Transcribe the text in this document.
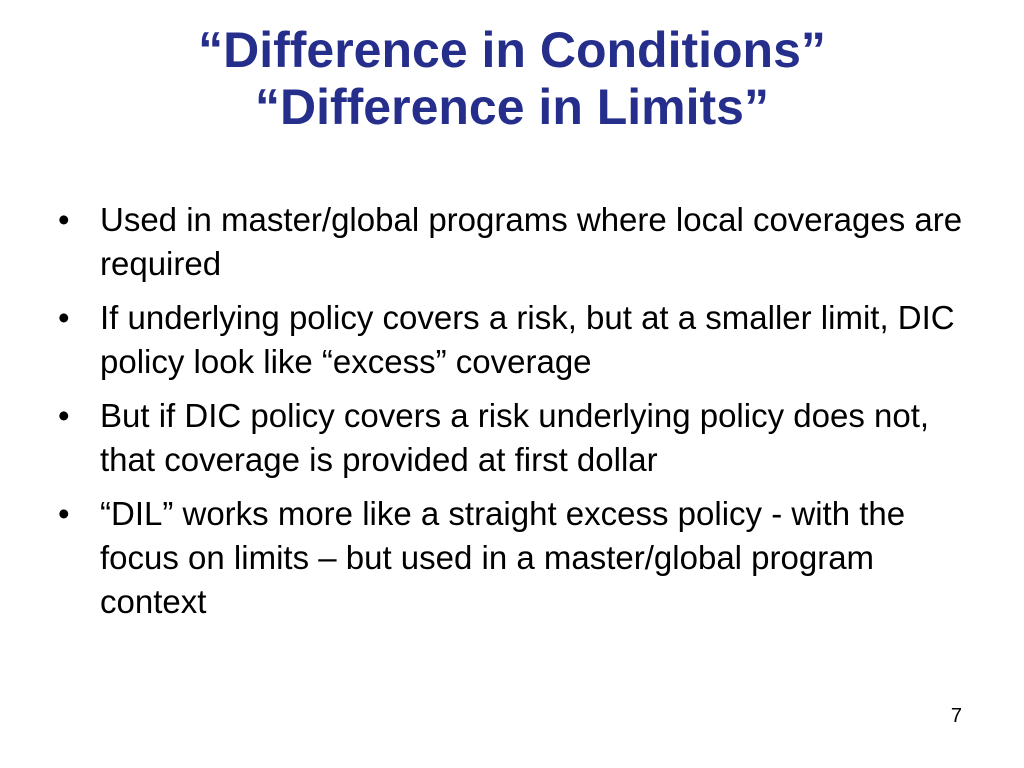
“Difference in Conditions”
“Difference in Limits”
• Used in master/global programs where local coverages are required
• If underlying policy covers a risk, but at a smaller limit, DIC policy look like “excess” coverage
• But if DIC policy covers a risk underlying policy does not, that coverage is provided at first dollar
• “DIL” works more like a straight excess policy - with the focus on limits – but used in a master/global program context
7
